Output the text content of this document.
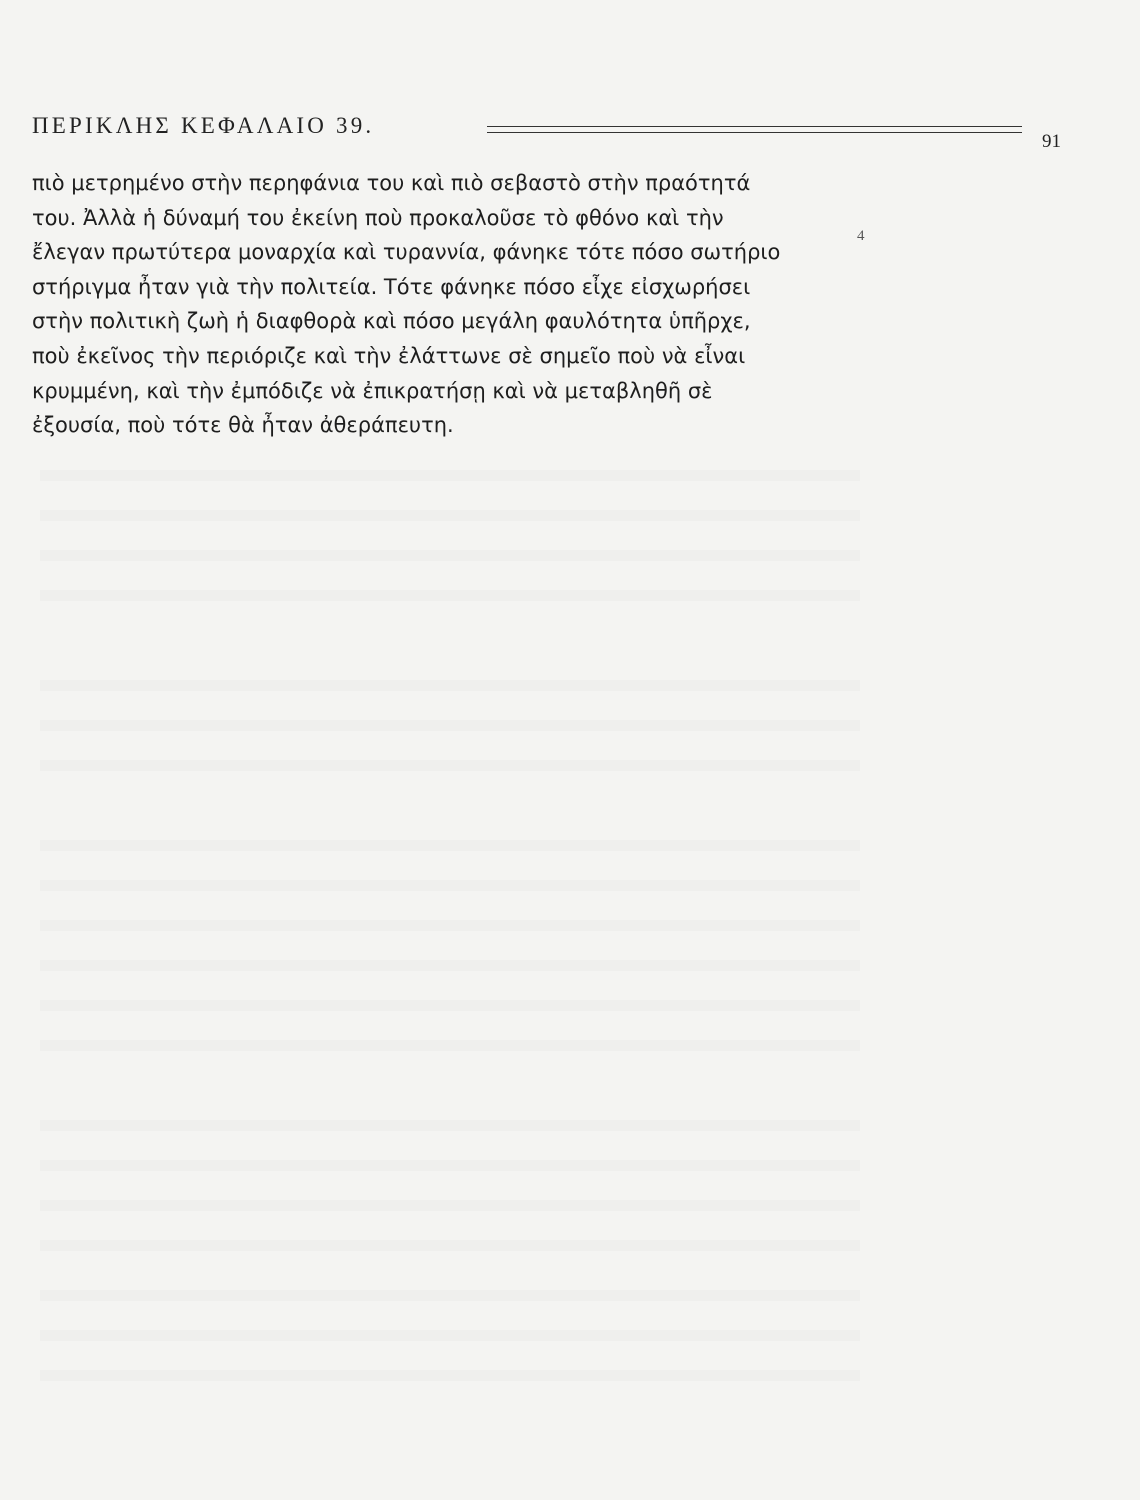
ΠΕΡΙΚΛΗΣ ΚΕΦΑΛΑΙΟ 39.
91
4
πιὸ μετρημένο στὴν περηφάνια του καὶ πιὸ σεβαστὸ στὴν πραότητά
του. Ἀλλὰ ἡ δύναμή του ἐκείνη ποὺ προκαλοῦσε τὸ φθόνο καὶ τὴν
ἔλεγαν πρωτύτερα μοναρχία καὶ τυραννία, φάνηκε τότε πόσο σωτήριο
στήριγμα ἦταν γιὰ τὴν πολιτεία. Τότε φάνηκε πόσο εἶχε εἰσχωρήσει
στὴν πολιτικὴ ζωὴ ἡ διαφθορὰ καὶ πόσο μεγάλη φαυλότητα ὑπῆρχε,
ποὺ ἐκεῖνος τὴν περιόριζε καὶ τὴν ἐλάττωνε σὲ σημεῖο ποὺ νὰ εἶναι
κρυμμένη, καὶ τὴν ἐμπόδιζε νὰ ἐπικρατήσῃ καὶ νὰ μεταβληθῆ σὲ
ἐξουσία, ποὺ τότε θὰ ἦταν ἀθεράπευτη.
